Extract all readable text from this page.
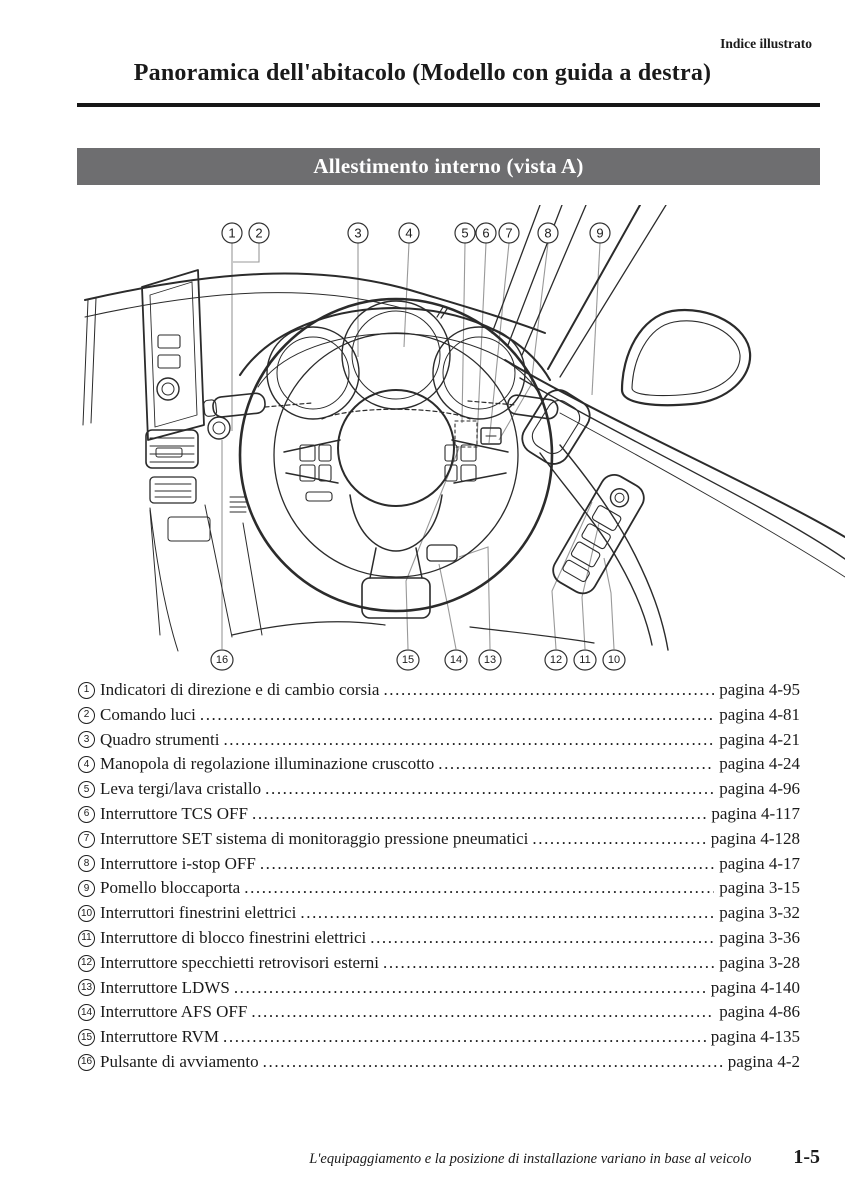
Indice illustrato
Panoramica dell'abitacolo (Modello con guida a destra)
Allestimento interno (vista A)
1 2	3	4	5 6 7 8	9
16	15	14 13	12 11 10
1 Indicatori di direzione e di cambio corsia .....	pagina 4-95
2 Comando luci .....	pagina 4-81
3 Quadro strumenti .....	pagina 4-21
4 Manopola di regolazione illuminazione cruscotto .....	pagina 4-24
5 Leva tergi/lava cristallo .....	pagina 4-96
6 Interruttore TCS OFF .....	pagina 4-117
7 Interruttore SET sistema di monitoraggio pressione pneumatici .....	pagina 4-128
8 Interruttore i-stop OFF .....	pagina 4-17
9 Pomello bloccaporta .....	pagina 3-15
10 Interruttori finestrini elettrici .....	pagina 3-32
11 Interruttore di blocco finestrini elettrici .....	pagina 3-36
12 Interruttore specchietti retrovisori esterni .....	pagina 3-28
13 Interruttore LDWS .....	pagina 4-140
14 Interruttore AFS OFF .....	pagina 4-86
15 Interruttore RVM .....	pagina 4-135
16 Pulsante di avviamento .....	pagina 4-2
L'equipaggiamento e la posizione di installazione variano in base al veicolo 1-5
